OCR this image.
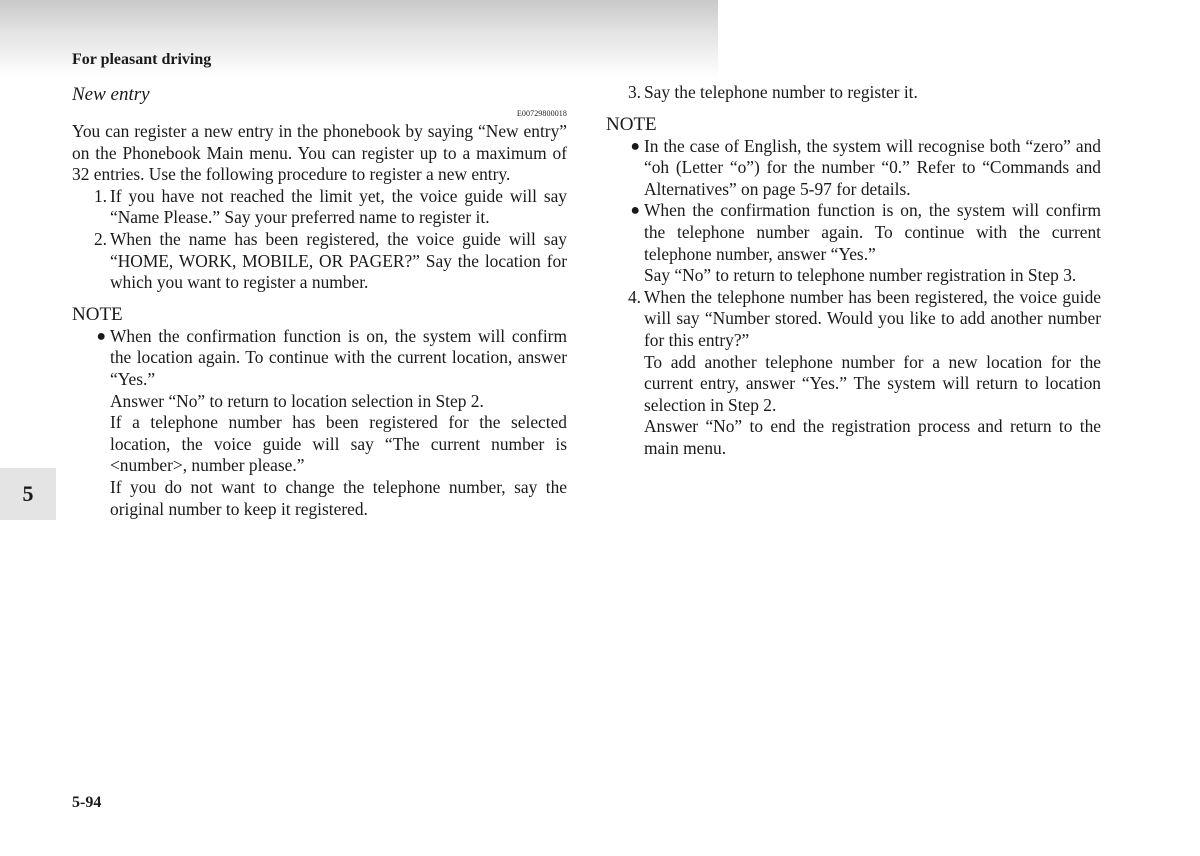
For pleasant driving
New entry
E00729800018

You can register a new entry in the phonebook by saying “New entry” on the Phonebook Main menu. You can register up to a maximum of 32 entries. Use the following procedure to register a new entry.

1. If you have not reached the limit yet, the voice guide will say “Name Please.” Say your preferred name to register it.

2. When the name has been registered, the voice guide will say “HOME, WORK, MOBILE, OR PAGER?” Say the location for which you want to register a number.

NOTE
● When the confirmation function is on, the system will confirm the location again. To continue with the current location, answer “Yes.”

Answer “No” to return to location selection in Step 2.

If a telephone number has been registered for the selected location, the voice guide will say “The current number is <number>, number please.”

If you do not want to change the telephone number, say the original number to keep it registered.

3. Say the telephone number to register it.

NOTE
● In the case of English, the system will recognise both “zero” and “oh (Letter “o”) for the number “0.” Refer to “Commands and Alternatives” on page 5-97 for details.

● When the confirmation function is on, the system will confirm the telephone number again. To continue with the current telephone number, answer “Yes.”

Say “No” to return to telephone number registration in Step 3.

4. When the telephone number has been registered, the voice guide will say “Number stored. Would you like to add another number for this entry?”

To add another telephone number for a new location for the current entry, answer “Yes.” The system will return to location selection in Step 2.

Answer “No” to end the registration process and return to the main menu.

5
5-94
